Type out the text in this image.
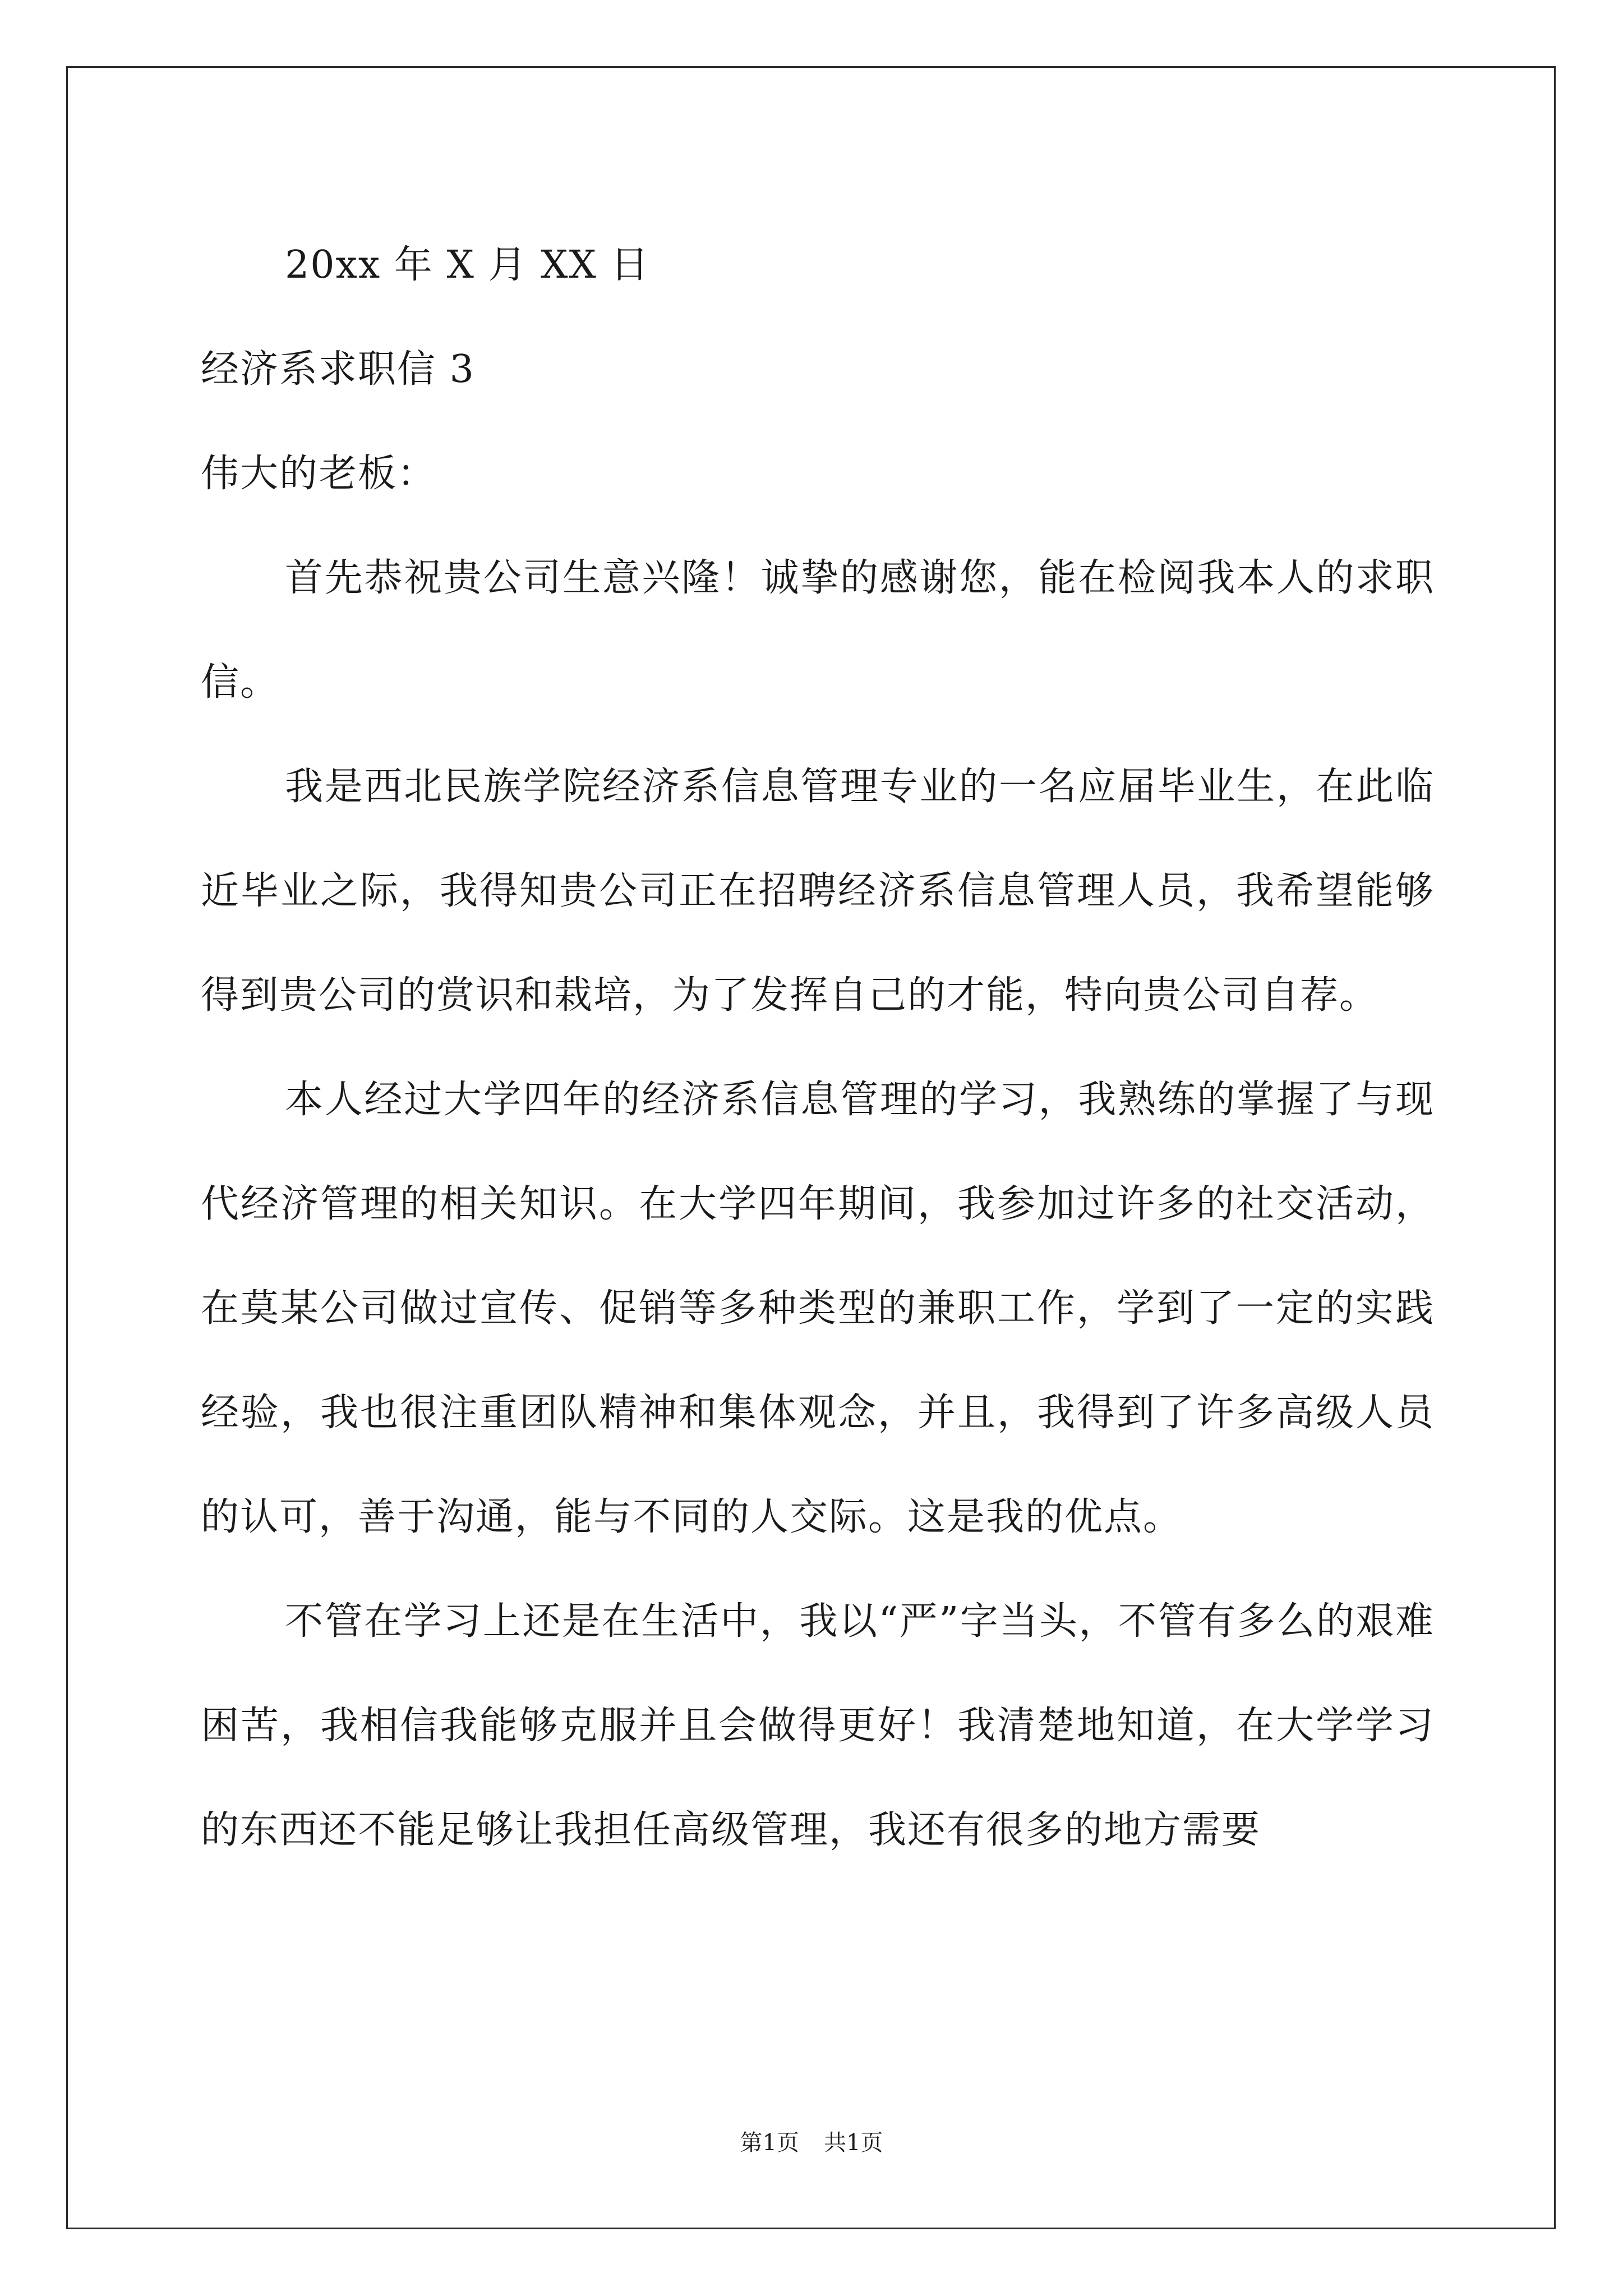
20xx 年 X 月 XX 日

经济系求职信 3

伟大的老板：

首先恭祝贵公司生意兴隆！诚挚的感谢您，能在检阅我本人的求职信。

我是西北民族学院经济系信息管理专业的一名应届毕业生，在此临近毕业之际，我得知贵公司正在招聘经济系信息管理人员，我希望能够得到贵公司的赏识和栽培，为了发挥自己的才能，特向贵公司自荐。

本人经过大学四年的经济系信息管理的学习，我熟练的掌握了与现代经济管理的相关知识。在大学四年期间，我参加过许多的社交活动，在莫某公司做过宣传、促销等多种类型的兼职工作，学到了一定的实践经验，我也很注重团队精神和集体观念，并且，我得到了许多高级人员的认可，善于沟通，能与不同的人交际。这是我的优点。

不管在学习上还是在生活中，我以“严”字当头，不管有多么的艰难困苦，我相信我能够克服并且会做得更好！我清楚地知道，在大学学习的东西还不能足够让我担任高级管理，我还有很多的地方需要

第1页 共1页
